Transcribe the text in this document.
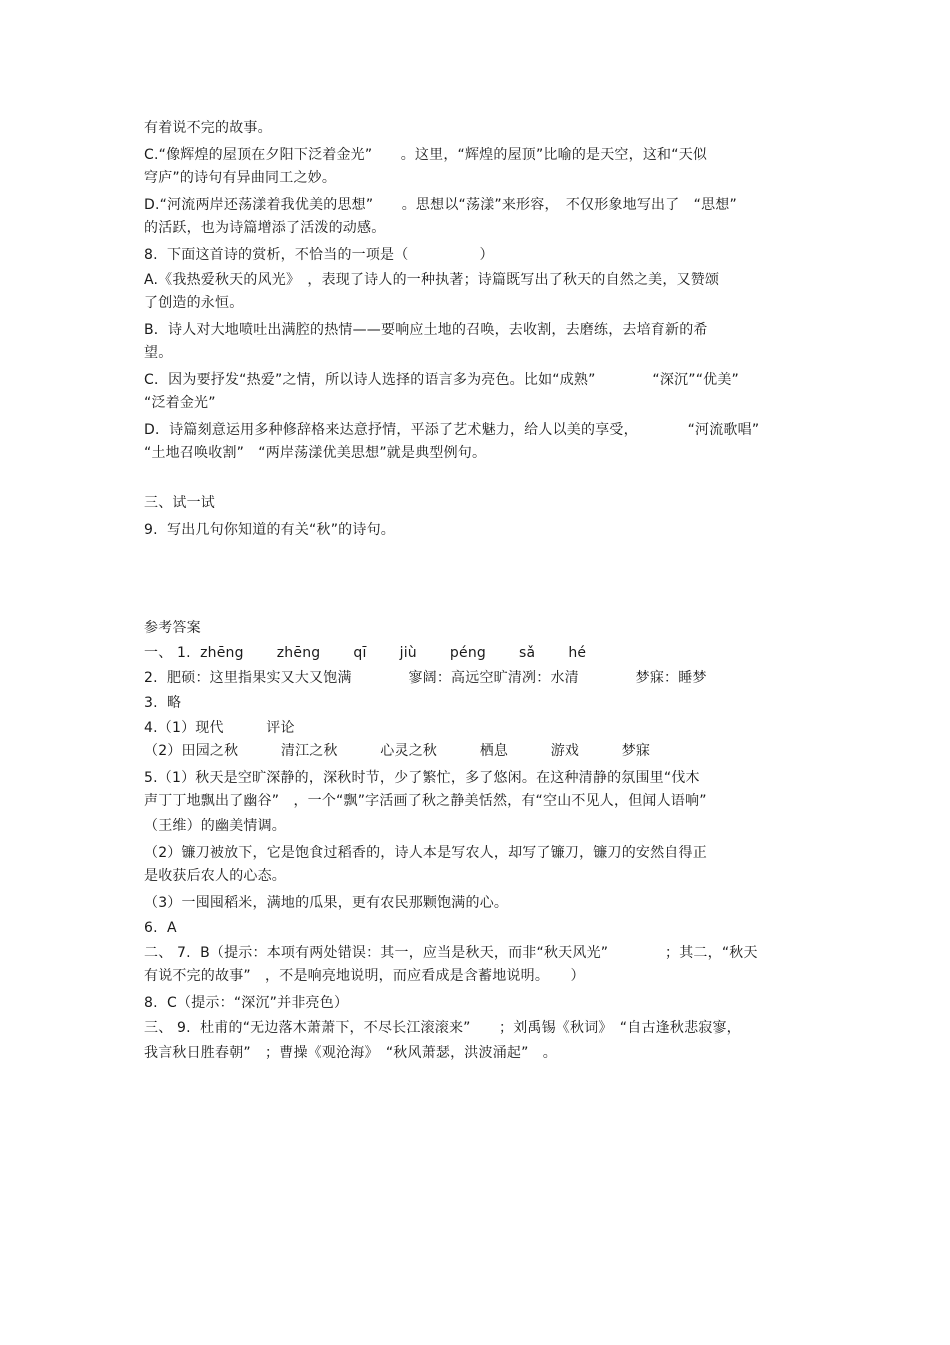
有着说不完的故事。
C.“像辉煌的屋顶在夕阳下泛着金光”　　。这里，“辉煌的屋顶”比喻的是天空，这和“天似
穹庐”的诗句有异曲同工之妙。
D.“河流两岸还荡漾着我优美的思想”　　。思想以“荡漾”来形容，　不仅形象地写出了　“思想”
的活跃，也为诗篇增添了活泼的动感。
8.  下面这首诗的赏析，不恰当的一项是（　　　　　）
A.《我热爱秋天的风光》　，表现了诗人的一种执著；诗篇既写出了秋天的自然之美，又赞颂
了创造的永恒。
B．诗人对大地喷吐出满腔的热情——要响应土地的召唤，去收割，去磨练，去培育新的希
望。
C．因为要抒发“热爱”之情，所以诗人选择的语言多为亮色。比如“成熟”　　　　“深沉”“优美”
“泛着金光”
D．诗篇刻意运用多种修辞格来达意抒情，平添了艺术魅力，给人以美的享受，　　　　“河流歌唱”
“土地召唤收割”　“两岸荡漾优美思想”就是典型例句。
三、试一试
9.  写出几句你知道的有关“秋”的诗句。
参考答案
一、 1.  zhēng　　 zhēng　　 qī　　 jiù　　 péng　　 sǎ　　 hé
2.  肥硕：这里指果实又大又饱满　　　　寥阔：高远空旷清冽：水清　　　　梦寐：睡梦
3.  略
4.（1）现代　　　评论
（2）田园之秋　　　清江之秋　　　心灵之秋　　　栖息　　　游戏　　　梦寐
5.（1）秋天是空旷深静的，深秋时节，少了繁忙，多了悠闲。在这种清静的氛围里“伐木
声丁丁地飘出了幽谷”　，一个“飘”字活画了秋之静美恬然，有“空山不见人，但闻人语响”
（王维）的幽美情调。
（2）镰刀被放下，它是饱食过稻香的，诗人本是写农人，却写了镰刀，镰刀的安然自得正
是收获后农人的心态。
（3）一囤囤稻米，满地的瓜果，更有农民那颗饱满的心。
6.  A
二、 7.  B（提示：本项有两处错误：其一，应当是秋天，而非“秋天风光”　　　　；其二，“秋天
有说不完的故事”　，不是响亮地说明，而应看成是含蓄地说明。　　）
8.  C（提示：“深沉”并非亮色）
三、 9.  杜甫的“无边落木萧萧下，不尽长江滚滚来”　　；刘禹锡《秋词》　“自古逢秋悲寂寥，
我言秋日胜春朝”　；曹操《观沧海》　“秋风萧瑟，洪波涌起”　。
